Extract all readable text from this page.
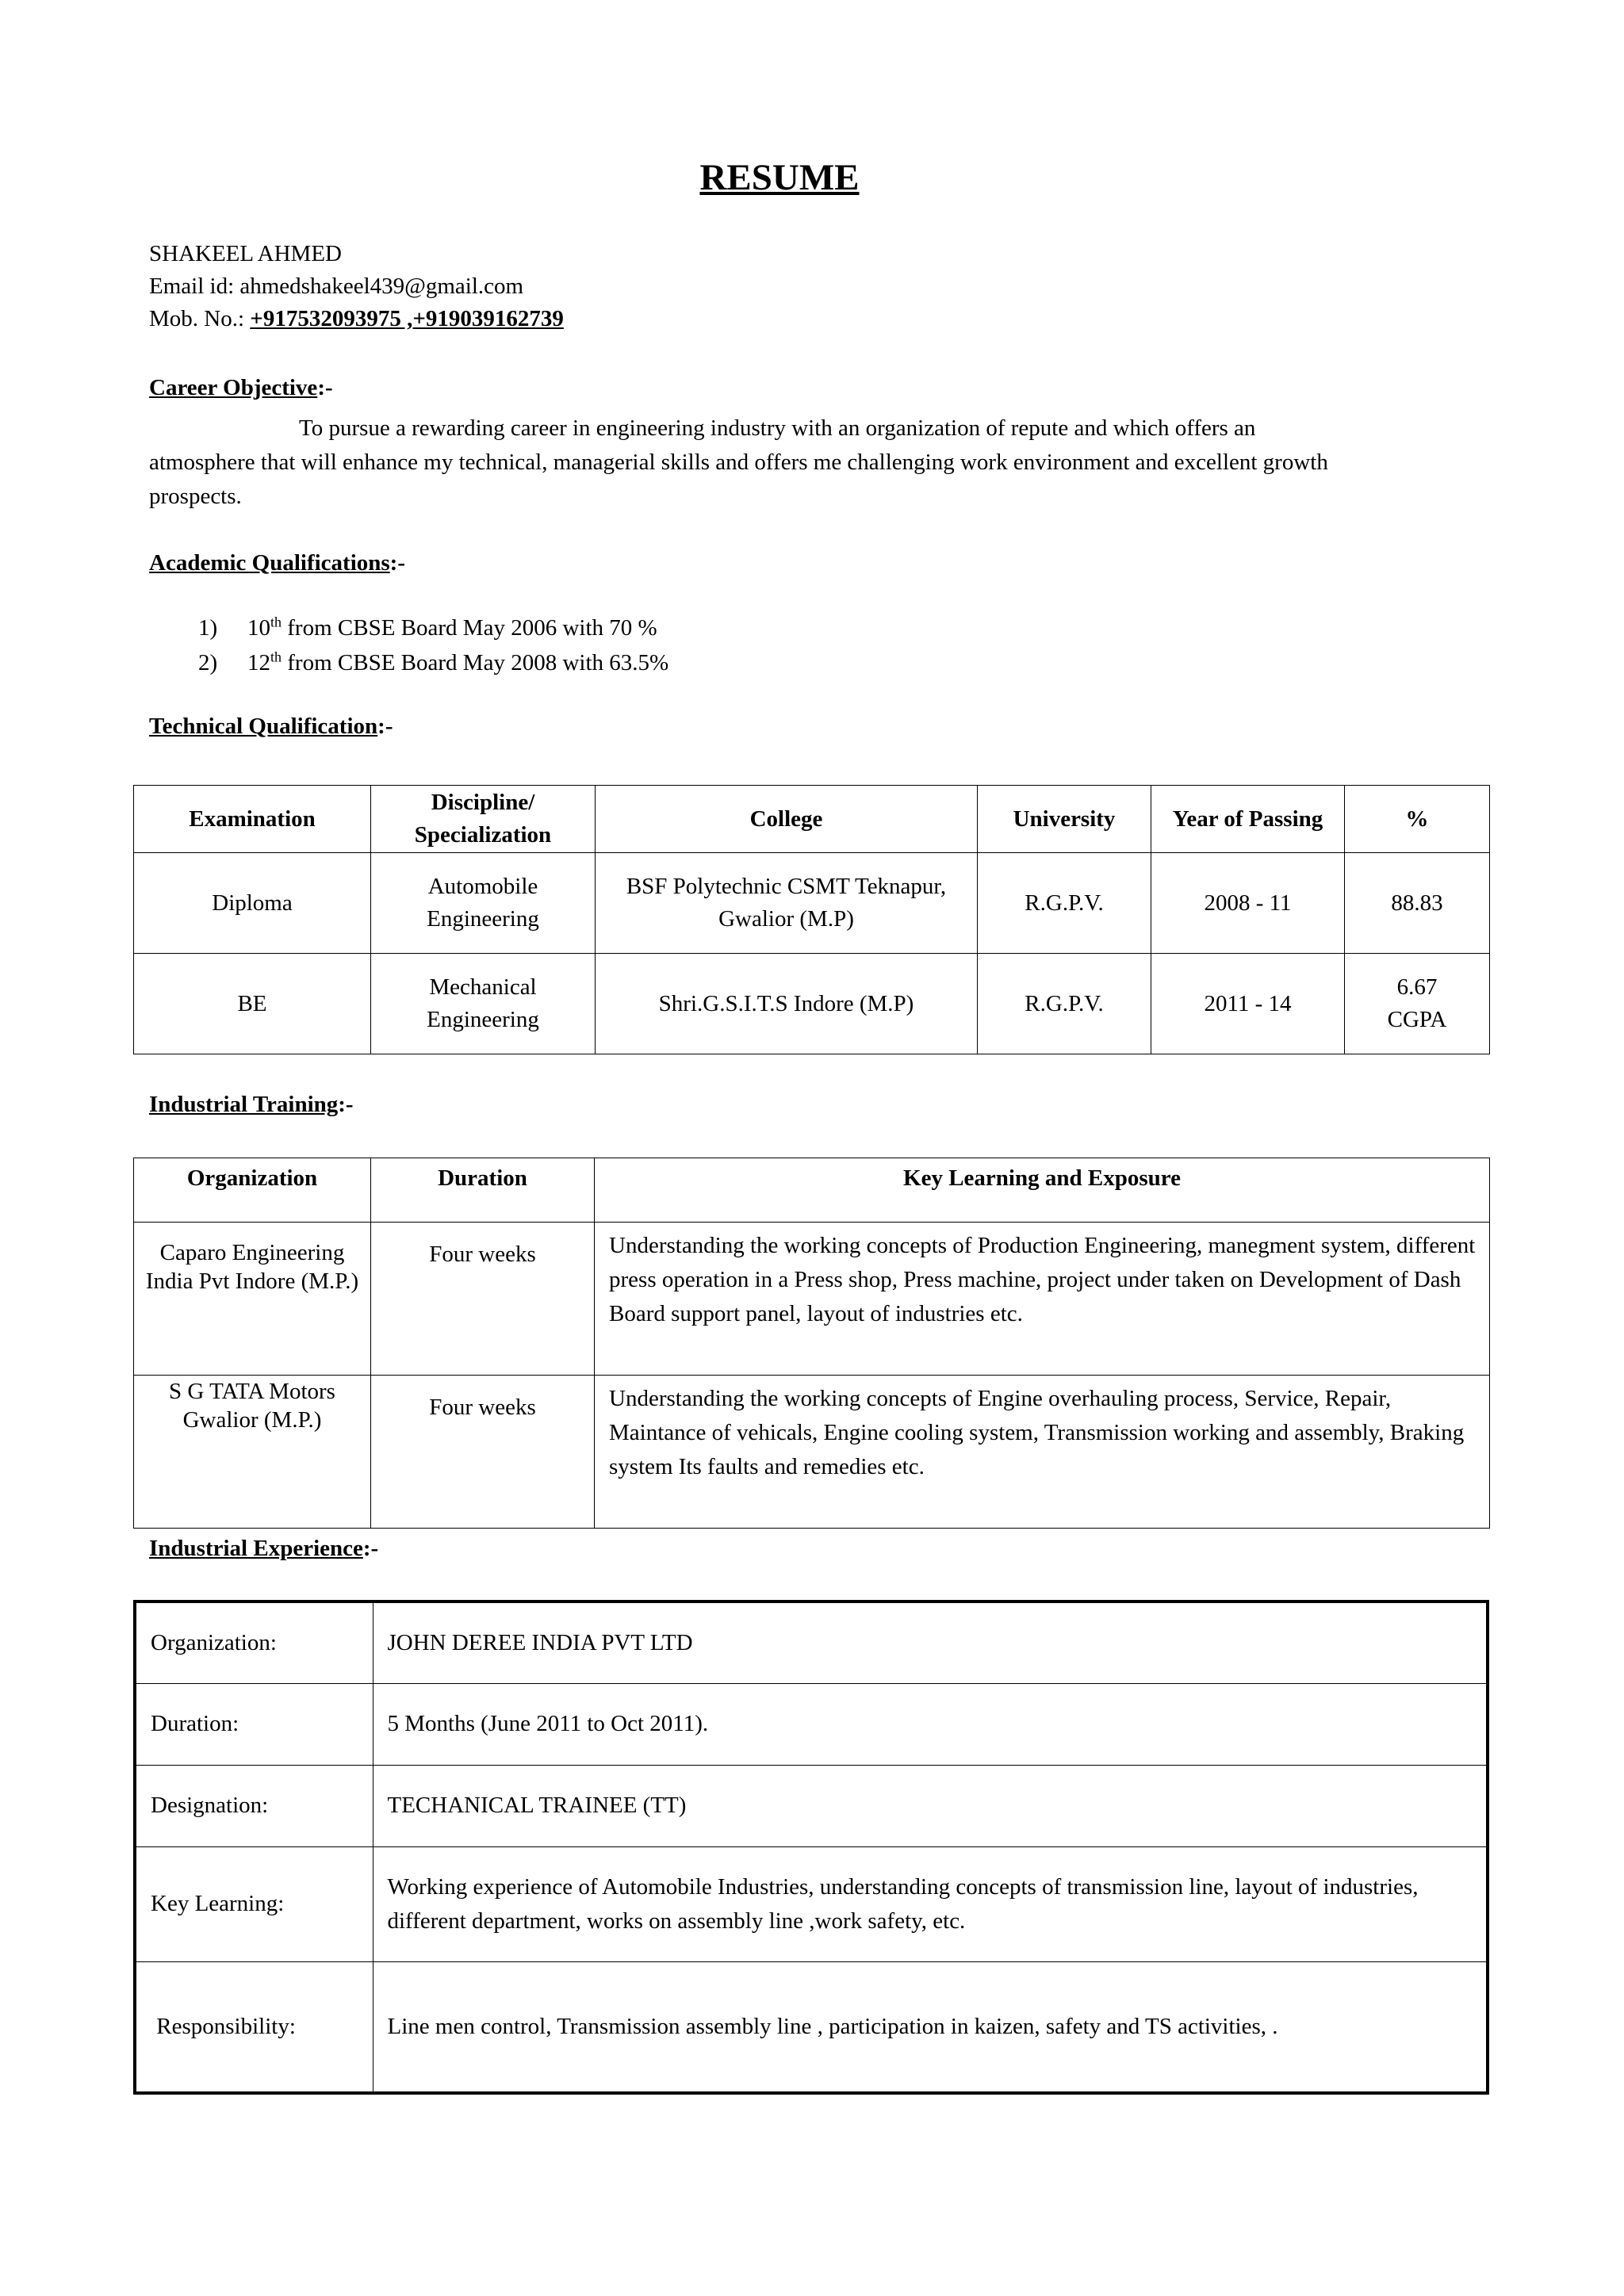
RESUME
SHAKEEL AHMED
Email id: ahmedshakeel439@gmail.com
Mob. No.: +917532093975 ,+919039162739
Career Objective:-

To pursue a rewarding career in engineering industry with an organization of repute and which offers an atmosphere that will enhance my technical, managerial skills and offers me challenging work environment and excellent growth prospects.

Academic Qualifications:-
1)	10th from CBSE Board May 2006 with 70 %
2)	12th from CBSE Board May 2008 with 63.5%
Technical Qualification:-
Examination	Discipline/ Specialization	College	University	Year of Passing	%
Diploma	Automobile Engineering	BSF Polytechnic CSMT Teknapur, Gwalior (M.P)	R.G.P.V.	2008 - 11	88.83
BE	Mechanical Engineering	Shri.G.S.I.T.S Indore (M.P)	R.G.P.V.	2011 - 14	6.67 CGPA
Industrial Training:-
Organization	Duration	Key Learning and Exposure
Caparo Engineering India Pvt Indore (M.P.)	Four weeks	Understanding the working concepts of Production Engineering, manegment system, different press operation in a Press shop, Press machine, project under taken on Development of Dash Board support panel, layout of industries etc.
S G TATA Motors Gwalior (M.P.)	Four weeks	Understanding the working concepts of Engine overhauling process, Service, Repair, Maintance of vehicals, Engine cooling system, Transmission working and assembly, Braking system Its faults and remedies etc.
Industrial Experience:-
Organization:	JOHN DEREE INDIA PVT LTD
Duration:	5 Months (June 2011 to Oct 2011).
Designation:	TECHANICAL TRAINEE (TT)
Key Learning:	Working experience of Automobile Industries, understanding concepts of transmission line, layout of industries, different department, works on assembly line ,work safety, etc.
Responsibility:	Line men control, Transmission assembly line , participation in kaizen, safety and TS activities, .
